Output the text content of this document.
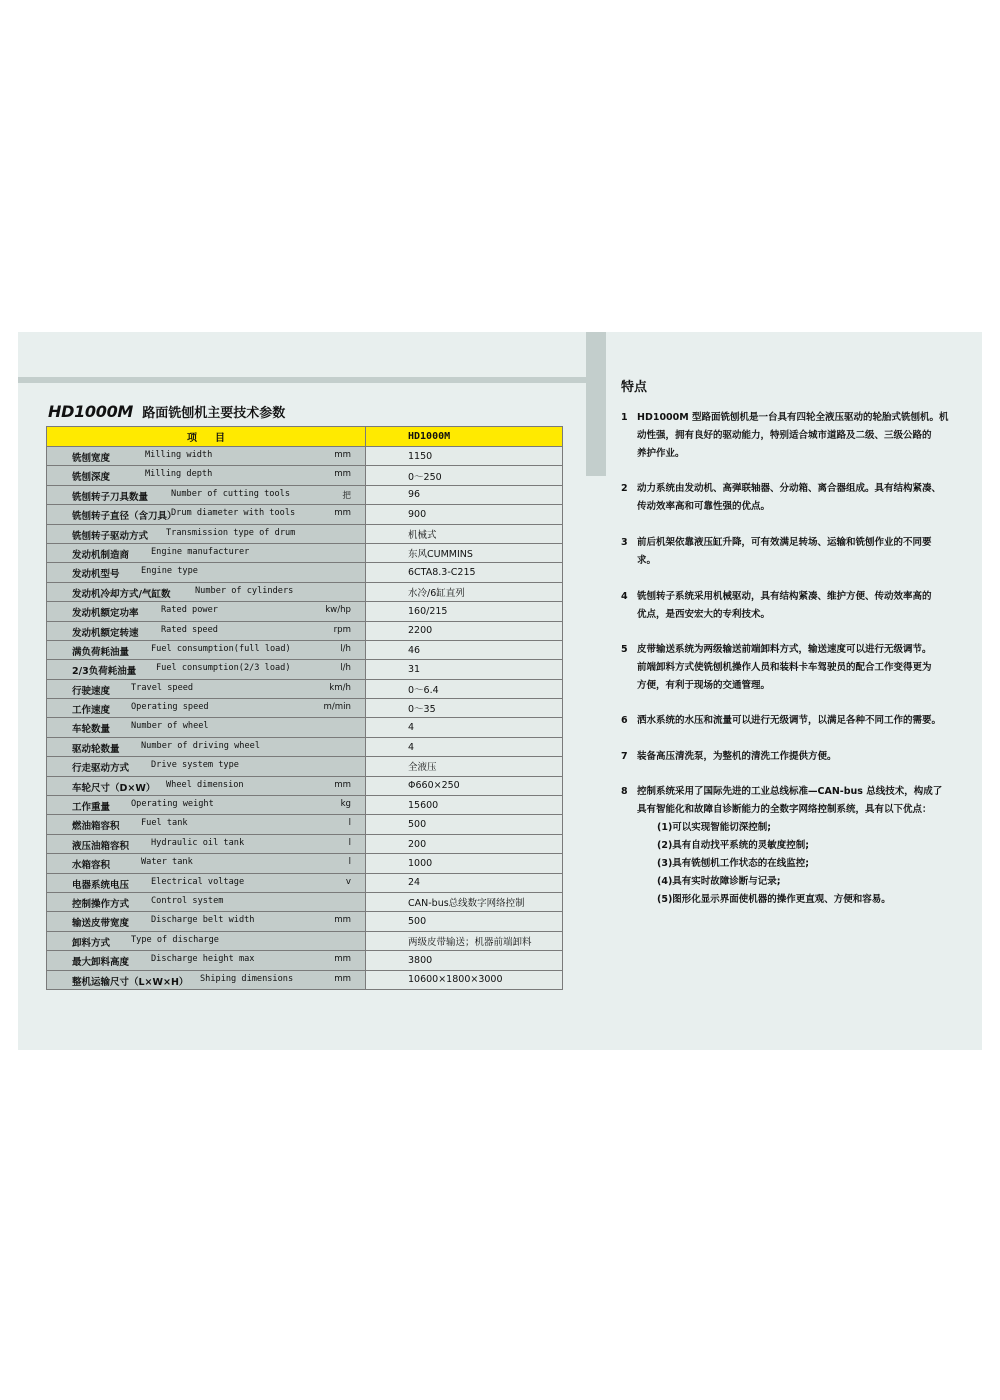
HD1000M 路面铣刨机主要技术参数
项目	HD1000M

铣刨宽度 Milling width mm	1150

铣刨深度 Milling depth mm	0～250

铣刨转子刀具数量 Number of cutting tools 把	96

铣刨转子直径（含刀具）
Drum diameter with tools mm	900

铣刨转子驱动方式 Transmission type of drum	机械式

发动机制造商 Engine manufacturer	东风CUMMINS

发动机型号 Engine type	6CTA8.3-C215

发动机冷却方式/气缸数 Number of cylinders	水冷/6缸直列

发动机额定功率 Rated power kw/hp	160/215

发动机额定转速 Rated speed rpm	2200

满负荷耗油量 Fuel consumption(full load) l/h	46

2/3负荷耗油量 Fuel consumption(2/3 load) l/h	31

行驶速度 Travel speed km/h	0～6.4

工作速度 Operating speed m/min	0～35

车轮数量 Number of wheel	4

驱动轮数量 Number of driving wheel	4

行走驱动方式 Drive system type	全液压

车轮尺寸（D×W） Wheel dimension mm	Φ660×250

工作重量 Operating weight kg	15600

燃油箱容积 Fuel tank l	500

液压油箱容积 Hydraulic oil tank l	200

水箱容积 Water tank l	1000

电器系统电压 Electrical voltage v	24

控制操作方式 Control system	CAN-bus总线数字网络控制

输送皮带宽度 Discharge belt width mm	500

卸料方式 Type of discharge	两级皮带输送；机器前端卸料

最大卸料高度 Discharge height max mm	3800

整机运输尺寸（L×W×H） Shiping dimensions mm	10600×1800×3000
特点
1 HD1000M 型路面铣刨机是一台具有四轮全液压驱动的轮胎式铣刨机。机
动性强，拥有良好的驱动能力，特别适合城市道路及二级、三级公路的
养护作业。
2 动力系统由发动机、高弹联轴器、分动箱、离合器组成。具有结构紧凑、
传动效率高和可靠性强的优点。
3 前后机架依靠液压缸升降，可有效满足转场、运输和铣刨作业的不同要
求。
4 铣刨转子系统采用机械驱动，具有结构紧凑、维护方便、传动效率高的
优点，是西安宏大的专利技术。
5 皮带输送系统为两级输送前端卸料方式，输送速度可以进行无级调节。
前端卸料方式使铣刨机操作人员和装料卡车驾驶员的配合工作变得更为
方便，有利于现场的交通管理。
6 洒水系统的水压和流量可以进行无级调节，以满足各种不同工作的需要。
7 装备高压清洗泵，为整机的清洗工作提供方便。
8 控制系统采用了国际先进的工业总线标准—CAN-bus 总线技术，构成了
具有智能化和故障自诊断能力的全数字网络控制系统，具有以下优点：
(1)可以实现智能切深控制;
(2)具有自动找平系统的灵敏度控制;
(3)具有铣刨机工作状态的在线监控;
(4)具有实时故障诊断与记录;
(5)图形化显示界面使机器的操作更直观、方便和容易。
